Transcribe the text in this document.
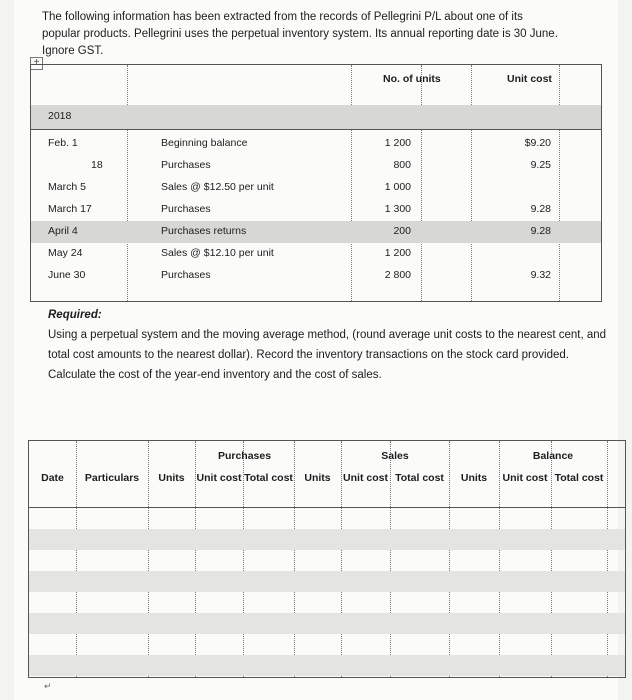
The following information has been extracted from the records of Pellegrini P/L about one of its popular products. Pellegrini uses the perpetual inventory system. Its annual reporting date is 30 June. Ignore GST.
+
No. of units	Unit cost
2018
Feb. 1	Beginning balance	1 200	$9.20
18	Purchases	800	9.25
March 5	Sales @ $12.50 per unit	1 000
March 17	Purchases	1 300	9.28
April 4	Purchases returns	200	9.28
May 24	Sales @ $12.10 per unit	1 200
June 30	Purchases	2 800	9.32
Required:
Using a perpetual system and the moving average method, (round average unit costs to the nearest cent, and total cost amounts to the nearest dollar). Record the inventory transactions on the stock card provided. Calculate the cost of the year-end inventory and the cost of sales.
Purchases	Sales	Balance
Date	Particulars	Units	Unit cost Total cost	Units	Unit cost Total cost	Units	Unit cost Total cost
↵
